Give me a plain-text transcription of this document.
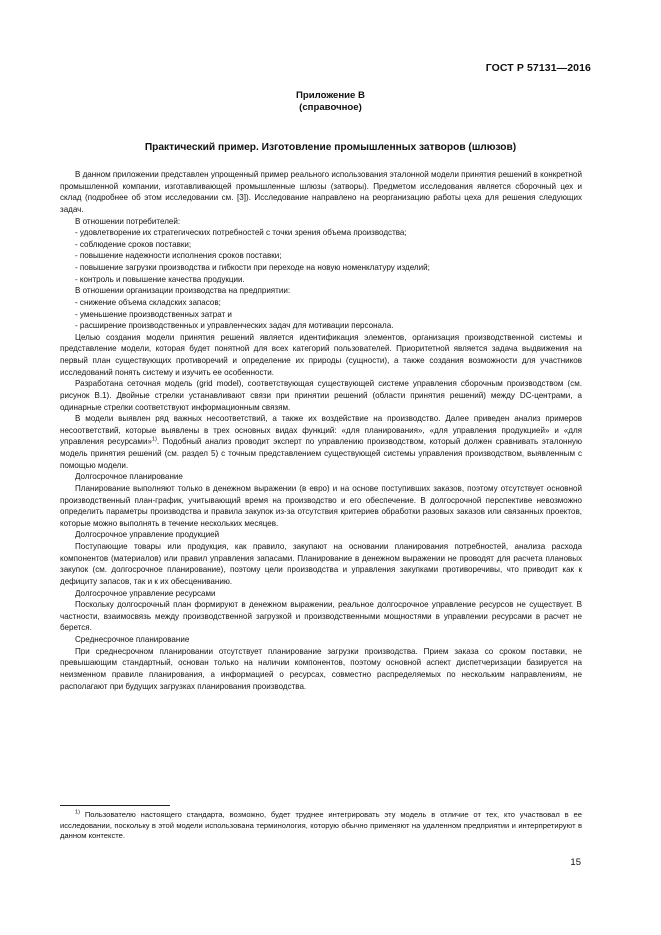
ГОСТ Р 57131—2016
Приложение В
(справочное)
Практический пример. Изготовление промышленных затворов (шлюзов)

В данном приложении представлен упрощенный пример реального использования эталонной модели принятия решений в конкретной промышленной компании, изготавливающей промышленные шлюзы (затворы). Предметом исследования является сборочный цех и склад (подробнее об этом исследовании см. [3]). Исследование направлено на реорганизацию работы цеха для решения следующих задач.

В отношении потребителей:

- удовлетворение их стратегических потребностей с точки зрения объема производства;

- соблюдение сроков поставки;

- повышение надежности исполнения сроков поставки;

- повышение загрузки производства и гибкости при переходе на новую номенклатуру изделий;

- контроль и повышение качества продукции.

В отношении организации производства на предприятии:

- снижение объема складских запасов;

- уменьшение производственных затрат и

- расширение производственных и управленческих задач для мотивации персонала.

Целью создания модели принятия решений является идентификация элементов, организация производственной системы и представление модели, которая будет понятной для всех категорий пользователей. Приоритетной является задача выдвижения на первый план существующих противоречий и определение их природы (сущности), а также создания возможности для участников исследований понять систему и изучить ее особенности.

Разработана сеточная модель (grid model), соответствующая существующей системе управления сборочным производством (см. рисунок В.1). Двойные стрелки устанавливают связи при принятии решений (области принятия решений) между DC-центрами, а одинарные стрелки соответствуют информационным связям.

В модели выявлен ряд важных несоответствий, а также их воздействие на производство. Далее приведен анализ примеров несоответствий, которые выявлены в трех основных видах функций: «для планирования», «для управления продукцией» и «для управления ресурсами»$^{1)}$. Подобный анализ проводит эксперт по управлению производством, который должен сравнивать эталонную модель принятия решений (см. раздел 5) с точным представлением существующей системы управления производством, выявленным с помощью модели.

Долгосрочное планирование

Планирование выполняют только в денежном выражении (в евро) и на основе поступивших заказов, поэтому отсутствует основной производственный план-график, учитывающий время на производство и его обеспечение. В долгосрочной перспективе невозможно определить параметры производства и правила закупок из-за отсутствия критериев обработки разовых заказов или связанных проектов, которые можно выполнять в течение нескольких месяцев.

Долгосрочное управление продукцией

Поступающие товары или продукция, как правило, закупают на основании планирования потребностей, анализа расхода компонентов (материалов) или правил управления запасами. Планирование в денежном выражении не проводят для расчета плановых закупок (см. долгосрочное планирование), поэтому цели производства и управления закупками противоречивы, что приводит как к дефициту запасов, так и к их обесцениванию.

Долгосрочное управление ресурсами

Поскольку долгосрочный план формируют в денежном выражении, реальное долгосрочное управление ресурсов не существует. В частности, взаимосвязь между производственной загрузкой и производственными мощностями в управлении ресурсами в расчет не берется.

Среднесрочное планирование

При среднесрочном планировании отсутствует планирование загрузки производства. Прием заказа со сроком поставки, не превышающим стандартный, основан только на наличии компонентов, поэтому основной аспект диспетчеризации базируется на неизменном правиле планирования, а информацией о ресурсах, совместно распределяемых по нескольким направлениям, не располагают при будущих загрузках планирования производства.

$^{1)}$ Пользователю настоящего стандарта, возможно, будет труднее интегрировать эту модель в отличие от тех, кто участвовал в ее исследовании, поскольку в этой модели использована терминология, которую обычно применяют на удаленном предприятии и интерпретируют в данном контексте.

15
